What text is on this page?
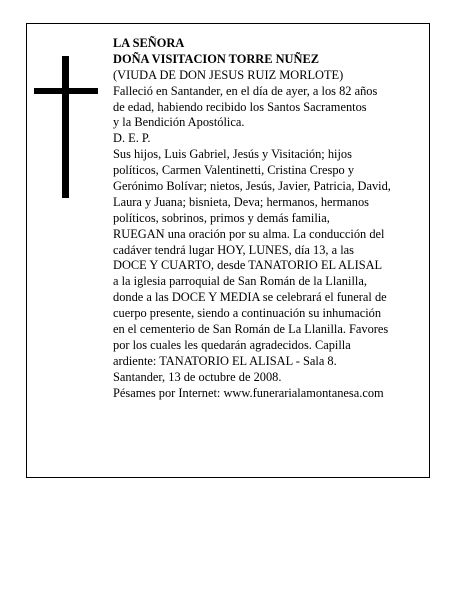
LA SEÑORA
DOÑA VISITACION TORRE NUÑEZ
(VIUDA DE DON JESUS RUIZ MORLOTE)
Falleció en Santander, en el día de ayer, a los 82 años
de edad, habiendo recibido los Santos Sacramentos
y la Bendición Apostólica.
D. E. P.
Sus hijos, Luis Gabriel, Jesús y Visitación; hijos
políticos, Carmen Valentinetti, Cristina Crespo y
Gerónimo Bolívar; nietos, Jesús, Javier, Patricia, David,
Laura y Juana; bisnieta, Deva; hermanos, hermanos
políticos, sobrinos, primos y demás familia,
RUEGAN una oración por su alma. La conducción del
cadáver tendrá lugar HOY, LUNES, día 13, a las
DOCE Y CUARTO, desde TANATORIO EL ALISAL
a la iglesia parroquial de San Román de la Llanilla,
donde a las DOCE Y MEDIA se celebrará el funeral de
cuerpo presente, siendo a continuación su inhumación
en el cementerio de San Román de La Llanilla. Favores
por los cuales les quedarán agradecidos. Capilla
ardiente: TANATORIO EL ALISAL - Sala 8.
Santander, 13 de octubre de 2008.
Pésames por Internet: www.funerarialamontanesa.com
